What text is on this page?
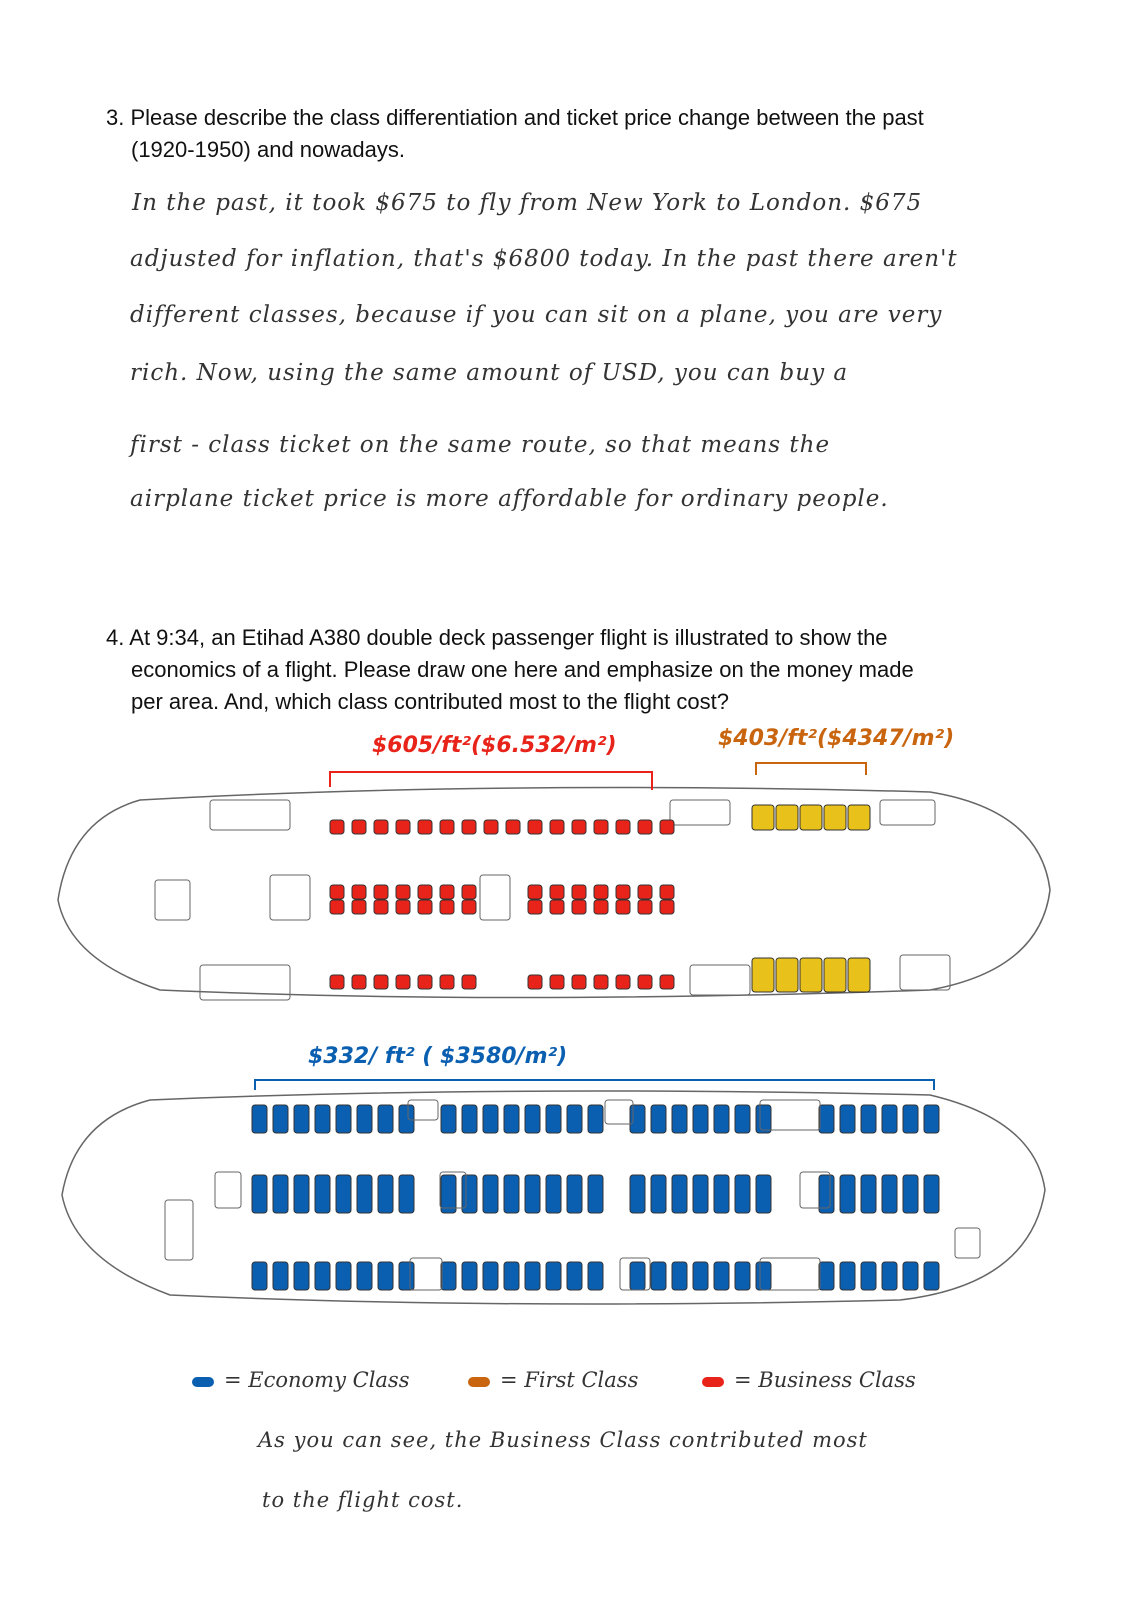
3. Please describe the class differentiation and ticket price change between the past
(1920-1950) and nowadays.
In the past, it took $675 to fly from New York to London. $675
adjusted for inflation, that's $6800 today. In the past there aren't
different classes, because if you can sit on a plane, you are very
rich. Now, using the same amount of USD, you can buy a
first - class ticket on the same route, so that means the
airplane ticket price is more affordable for ordinary people.
4. At 9:34, an Etihad A380 double deck passenger flight is illustrated to show the
economics of a flight. Please draw one here and emphasize on the money made
per area. And, which class contributed most to the flight cost?
$605/ft²($6.532/m²)	$403/ft²($4347/m²)
$332/ ft² ( $3580/m²)
= Economy Class	= First Class	= Business Class
As you can see, the Business Class contributed most
to the flight cost.
